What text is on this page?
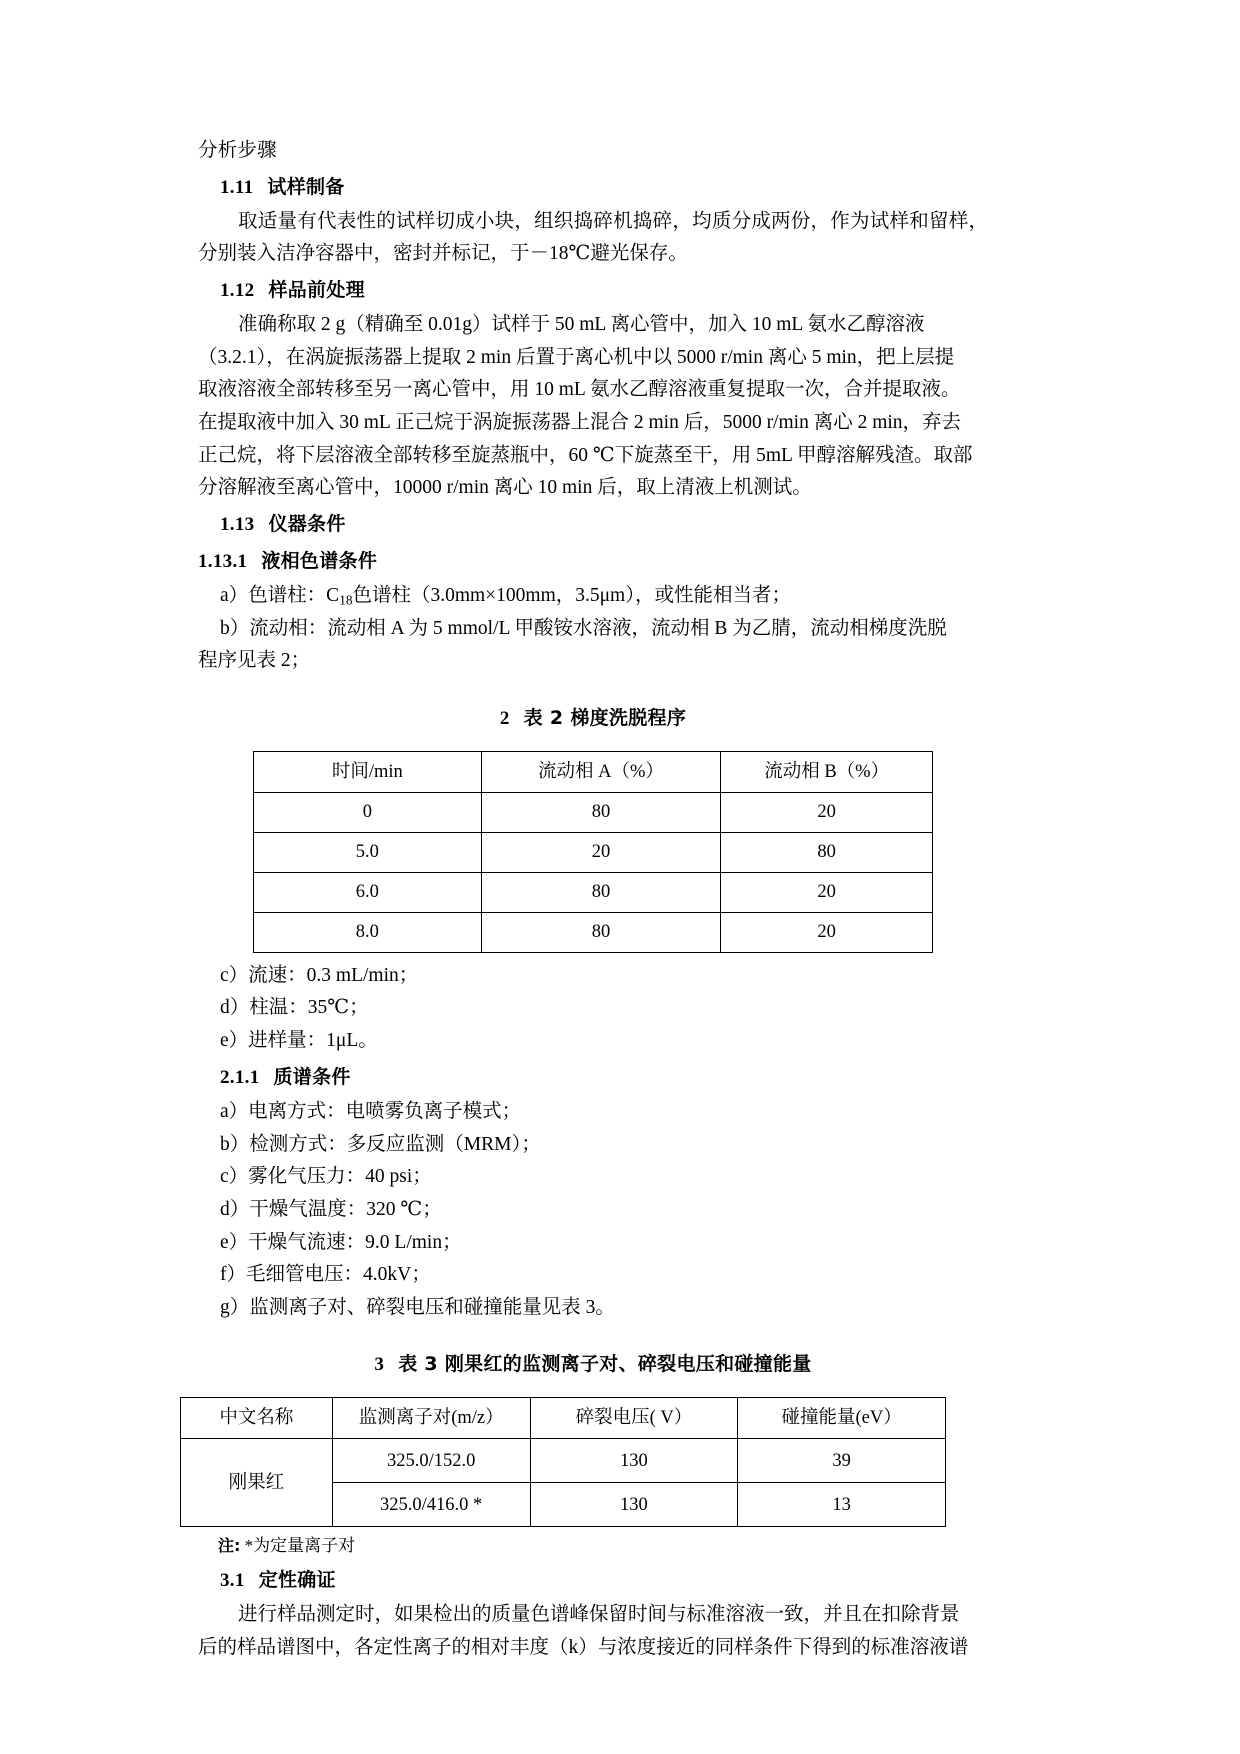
分析步骤
1.11 试样制备

取适量有代表性的试样切成小块，组织捣碎机捣碎，均质分成两份，作为试样和留样，分别装入洁净容器中，密封并标记，于－18℃避光保存。

1.12 样品前处理

准确称取 2 g（精确至 0.01g）试样于 50 mL 离心管中，加入 10 mL 氨水乙醇溶液

（3.2.1），在涡旋振荡器上提取 2 min 后置于离心机中以 5000 r/min 离心 5 min，把上层提

取液溶液全部转移至另一离心管中，用 10 mL 氨水乙醇溶液重复提取一次，合并提取液。

在提取液中加入 30 mL 正己烷于涡旋振荡器上混合 2 min 后，5000 r/min 离心 2 min，弃去

正己烷，将下层溶液全部转移至旋蒸瓶中，60 ℃下旋蒸至干，用 5mL 甲醇溶解残渣。取部

分溶解液至离心管中，10000 r/min 离心 10 min 后，取上清液上机测试。

1.13 仪器条件
1.13.1 液相色谱条件

a）色谱柱：$C_{18}$色谱柱（3.0mm×100mm，3.5μm），或性能相当者；

b）流动相：流动相 A 为 5 mmol/L 甲酸铵水溶液，流动相 B 为乙腈，流动相梯度洗脱

程序见表 2；

2 表 2 梯度洗脱程序
时间/min	流动相 A（%）	流动相 B（%）
0	80	20
5.0	20	80
6.0	80	20
8.0	80	20

c）流速：0.3 mL/min；

d）柱温：35℃；

e）进样量：1μL。

2.1.1 质谱条件

a）电离方式：电喷雾负离子模式；

b）检测方式：多反应监测（MRM）；

c）雾化气压力：40 psi；

d）干燥气温度：320 ℃；

e）干燥气流速：9.0 L/min；

f）毛细管电压：4.0kV；

g）监测离子对、碎裂电压和碰撞能量见表 3。

3 表 3 刚果红的监测离子对、碎裂电压和碰撞能量
中文名称	监测离子对(m/z）	碎裂电压( V）	碰撞能量(eV）
刚果红	325.0/152.0	130	39
	325.0/416.0 *	130	13

注: *为定量离子对

3.1 定性确证

进行样品测定时，如果检出的质量色谱峰保留时间与标准溶液一致，并且在扣除背景

后的样品谱图中，各定性离子的相对丰度（k）与浓度接近的同样条件下得到的标准溶液谱
